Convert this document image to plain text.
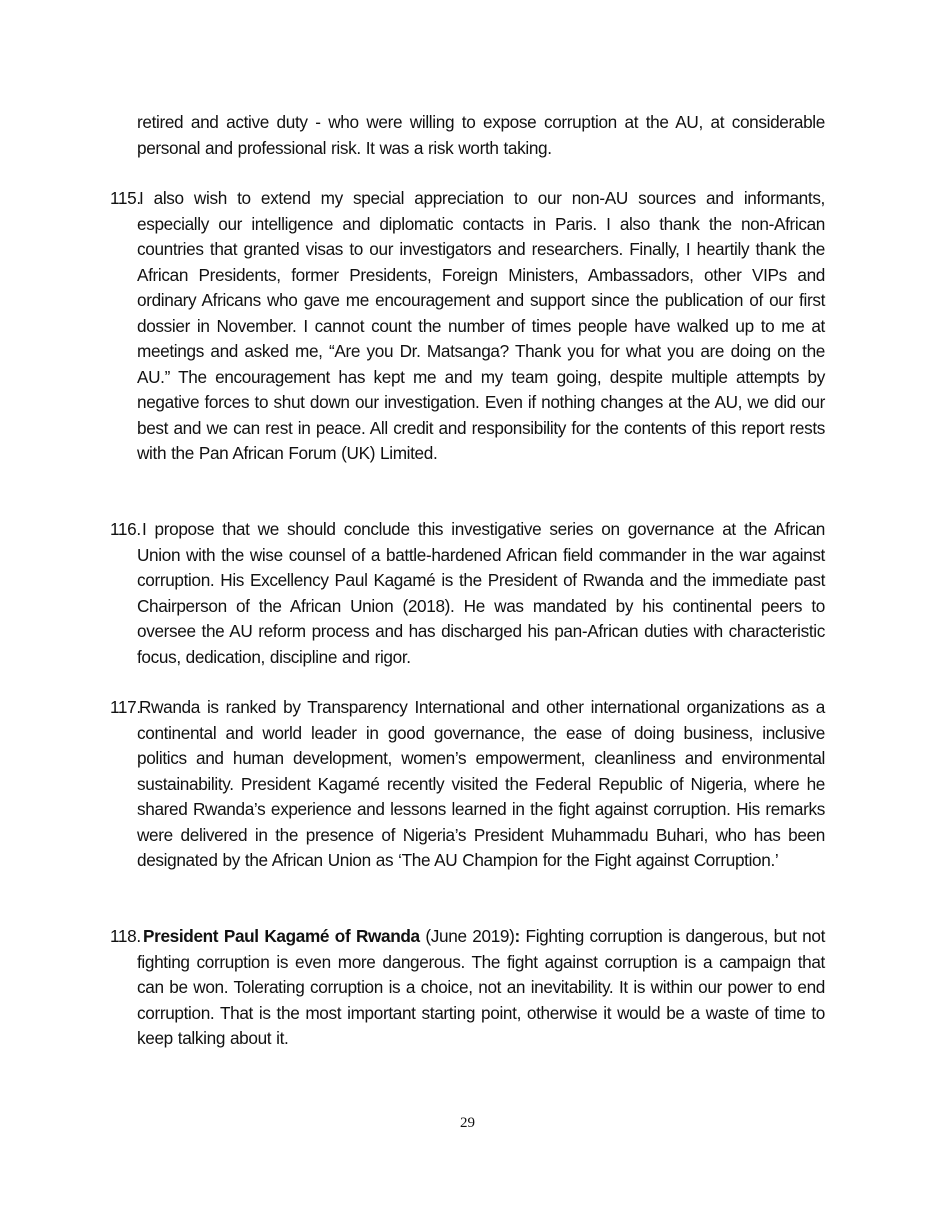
retired and active duty - who were willing to expose corruption at the AU, at considerable personal and professional risk. It was a risk worth taking.

115.
I also wish to extend my special appreciation to our non-AU sources and informants, especially our intelligence and diplomatic contacts in Paris. I also thank the non-African countries that granted visas to our investigators and researchers. Finally, I heartily thank the African Presidents, former Presidents, Foreign Ministers, Ambassadors, other VIPs and ordinary Africans who gave me encouragement and support since the publication of our first dossier in November. I cannot count the number of times people have walked up to me at meetings and asked me, “Are you Dr. Matsanga? Thank you for what you are doing on the AU.” The encouragement has kept me and my team going, despite multiple attempts by negative forces to shut down our investigation. Even if nothing changes at the AU, we did our best and we can rest in peace. All credit and responsibility for the contents of this report rests with the Pan African Forum (UK) Limited.

116. I propose that we should conclude this investigative series on governance at the African Union with the wise counsel of a battle-hardened African field commander in the war against corruption. His Excellency Paul Kagamé is the President of Rwanda and the immediate past Chairperson of the African Union (2018). He was mandated by his continental peers to oversee the AU reform process and has discharged his pan-African duties with characteristic focus, dedication, discipline and rigor.

117.
Rwanda is ranked by Transparency International and other international organizations as a continental and world leader in good governance, the ease of doing business, inclusive politics and human development, women’s empowerment, cleanliness and environmental sustainability. President Kagamé recently visited the Federal Republic of Nigeria, where he shared Rwanda’s experience and lessons learned in the fight against corruption. His remarks were delivered in the presence of Nigeria’s President Muhammadu Buhari, who has been designated by the African Union as ‘The AU Champion for the Fight against Corruption.’

118. President Paul Kagamé of Rwanda (June 2019): Fighting corruption is dangerous, but not fighting corruption is even more dangerous. The fight against corruption is a campaign that can be won. Tolerating corruption is a choice, not an inevitability. It is within our power to end corruption. That is the most important starting point, otherwise it would be a waste of time to keep talking about it.

29
